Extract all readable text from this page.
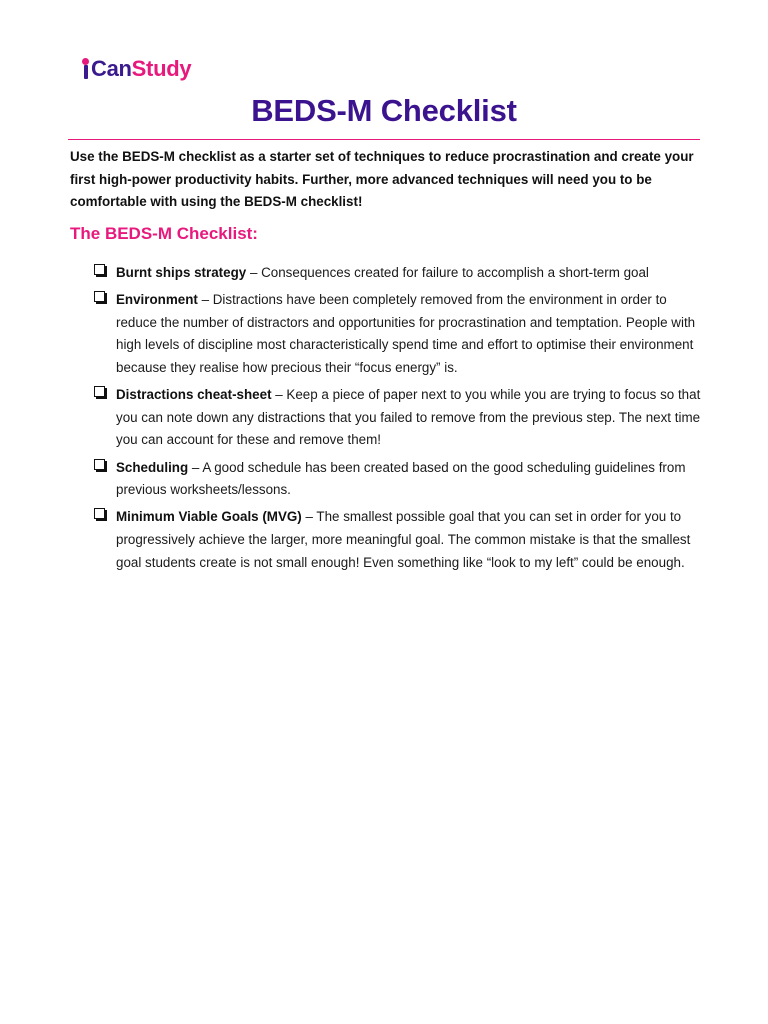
Can Study
BEDS-M Checklist
Use the BEDS-M checklist as a starter set of techniques to reduce procrastination and create your first high-power productivity habits. Further, more advanced techniques will need you to be comfortable with using the BEDS-M checklist!
The BEDS-M Checklist:
Burnt ships strategy – Consequences created for failure to accomplish a short-term goal
Environment – Distractions have been completely removed from the environment in order to reduce the number of distractors and opportunities for procrastination and temptation. People with high levels of discipline most characteristically spend time and effort to optimise their environment because they realise how precious their “focus energy” is.
Distractions cheat-sheet – Keep a piece of paper next to you while you are trying to focus so that you can note down any distractions that you failed to remove from the previous step. The next time you can account for these and remove them!
Scheduling – A good schedule has been created based on the good scheduling guidelines from previous worksheets/lessons.
Minimum Viable Goals (MVG) – The smallest possible goal that you can set in order for you to progressively achieve the larger, more meaningful goal. The common mistake is that the smallest goal students create is not small enough! Even something like “look to my left” could be enough.
